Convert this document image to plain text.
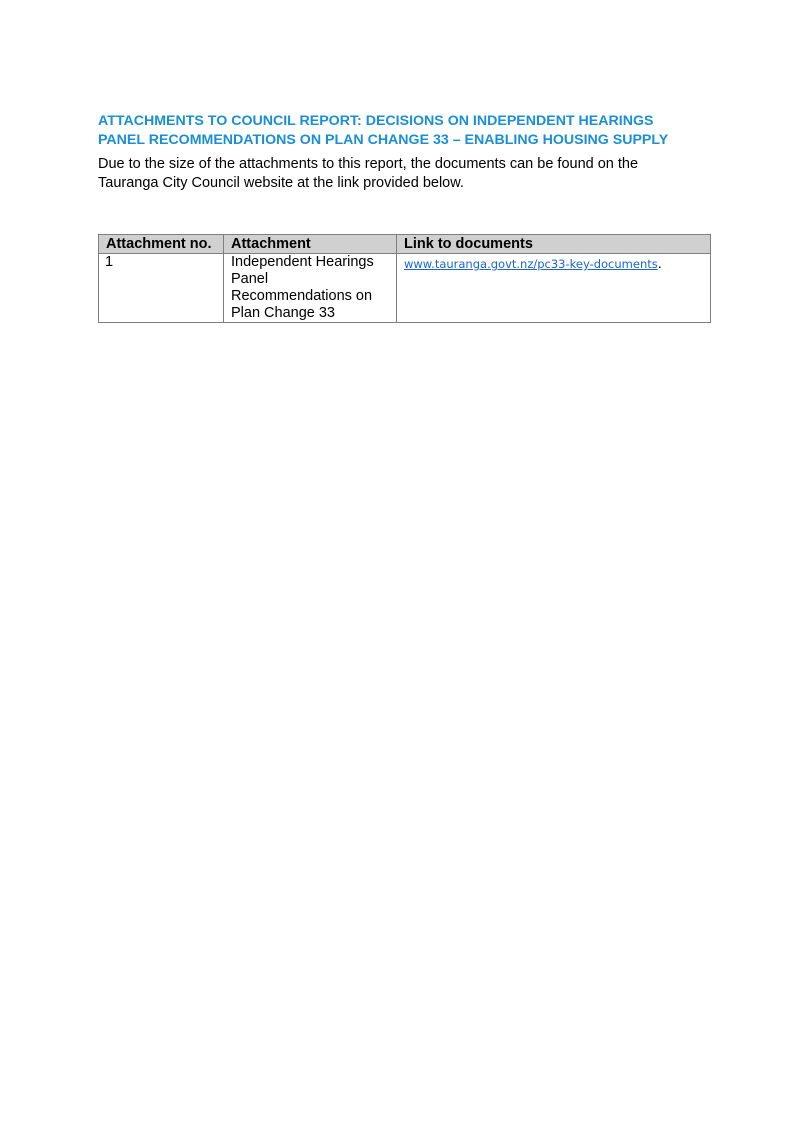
ATTACHMENTS TO COUNCIL REPORT: DECISIONS ON INDEPENDENT HEARINGS
PANEL RECOMMENDATIONS ON PLAN CHANGE 33 – ENABLING HOUSING SUPPLY

Due to the size of the attachments to this report, the documents can be found on the
Tauranga City Council website at the link provided below.

Attachment no.	Attachment	Link to documents
1	Independent Hearings Panel Recommendations on Plan Change 33	www.tauranga.govt.nz/pc33-key-documents.
